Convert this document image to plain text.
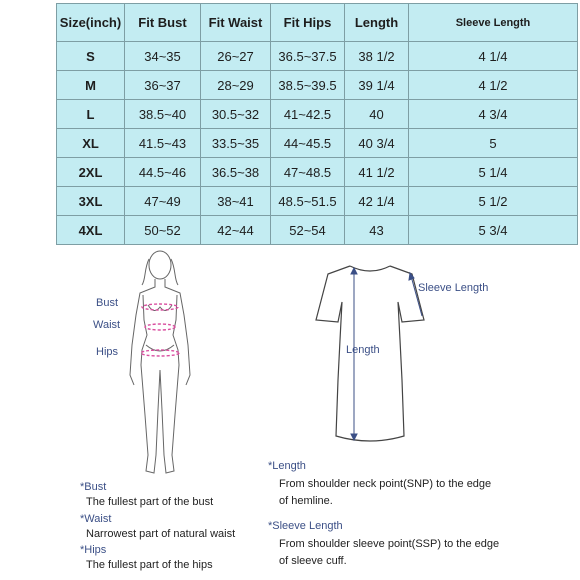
Size(inch)	Fit Bust	Fit Waist	Fit Hips	Length	Sleeve Length
S	34~35	26~27	36.5~37.5	38 1/2	4 1/4
M	36~37	28~29	38.5~39.5	39 1/4	4 1/2
L	38.5~40	30.5~32	41~42.5	40	4 3/4
XL	41.5~43	33.5~35	44~45.5	40 3/4	5
2XL	44.5~46	36.5~38	47~48.5	41 1/2	5 1/4
3XL	47~49	38~41	48.5~51.5	42 1/4	5 1/2
4XL	50~52	42~44	52~54	43	5 3/4
Bust
Waist
Hips
Sleeve Length
Length
*Bust
The fullest part of the bust
*Waist
Narrowest part of natural waist
*Hips
The fullest part of the hips
*Length
From shoulder neck point(SNP) to the edge
of hemline.
*Sleeve Length
From shoulder sleeve point(SSP) to the edge
of sleeve cuff.
